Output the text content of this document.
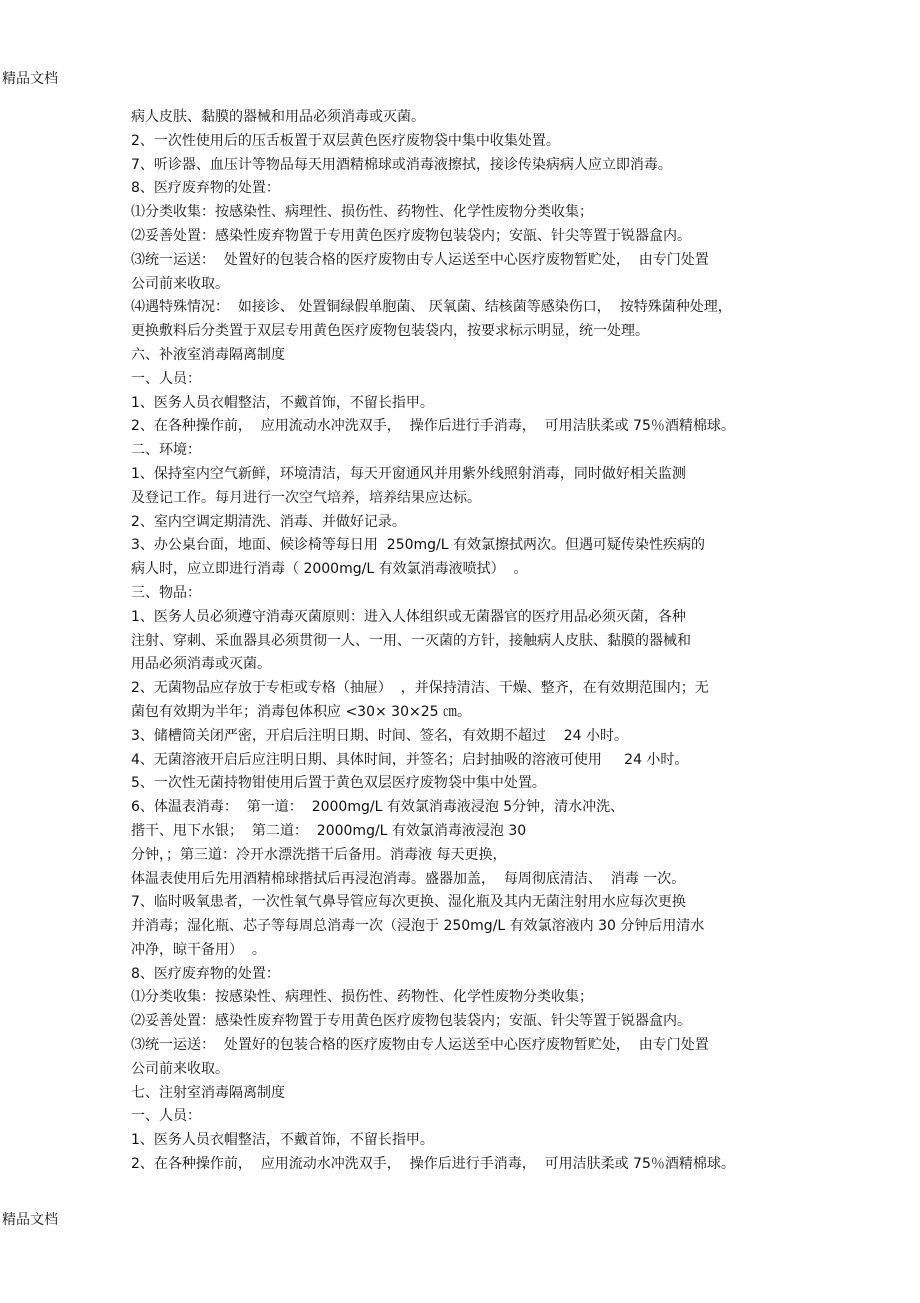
精品文档
病人皮肤、黏膜的器械和用品必须消毒或灭菌。
2、一次性使用后的压舌板置于双层黄色医疗废物袋中集中收集处置。
7、听诊器、血压计等物品每天用酒精棉球或消毒液擦拭，接诊传染病病人应立即消毒。
8、医疗废弃物的处置：
⑴分类收集：按感染性、病理性、损伤性、药物性、化学性废物分类收集；
⑵妥善处置：感染性废弃物置于专用黄色医疗废物包装袋内；安瓿、针尖等置于锐器盒内。
⑶统一运送：  处置好的包装合格的医疗废物由专人运送至中心医疗废物暂贮处，  由专门处置
公司前来收取。
⑷遇特殊情况：  如接诊、 处置铜绿假单胞菌、 厌氧菌、结核菌等感染伤口，  按特殊菌种处理，
更换敷料后分类置于双层专用黄色医疗废物包装袋内，按要求标示明显，统一处理。
六、补液室消毒隔离制度
一、人员：
1、医务人员衣帽整洁，不戴首饰，不留长指甲。
2、在各种操作前，  应用流动水冲洗双手，  操作后进行手消毒，  可用洁肤柔或 75％酒精棉球。
二、环境：
1、保持室内空气新鲜，环境清洁，每天开窗通风并用紫外线照射消毒，同时做好相关监测
及登记工作。每月进行一次空气培养，培养结果应达标。
2、室内空调定期清洗、消毒、并做好记录。
3、办公桌台面，地面、候诊椅等每日用  250mg/L 有效氯擦拭两次。但遇可疑传染性疾病的
病人时，应立即进行消毒（ 2000mg/L 有效氯消毒液喷拭）  。
三、物品：
1、医务人员必须遵守消毒灭菌原则：进入人体组织或无菌器官的医疗用品必须灭菌，各种
注射、穿刺、采血器具必须贯彻一人、一用、一灭菌的方针，接触病人皮肤、黏膜的器械和
用品必须消毒或灭菌。
2、无菌物品应存放于专柜或专格（抽屉）  ，并保持清洁、干燥、整齐，在有效期范围内；无
菌包有效期为半年；消毒包体积应 <30× 30×25 ㎝。
3、储槽筒关闭严密，开启后注明日期、时间、签名，有效期不超过    24 小时。
4、无菌溶液开启后应注明日期、具体时间，并签名；启封抽吸的溶液可使用     24 小时。
5、一次性无菌持物钳使用后置于黄色双层医疗废物袋中集中处置。
6、体温表消毒：  第一道：  2000mg/L 有效氯消毒液浸泡 5分钟，清水冲洗、
揩干、甩下水银；  第二道：  2000mg/L 有效氯消毒液浸泡 30
分钟，；第三道：冷开水漂洗揩干后备用。消毒液 每天更换，
体温表使用后先用酒精棉球揩拭后再浸泡消毒。盛器加盖，  每周彻底清洁、  消毒 一次。
7、临时吸氧患者，一次性氧气鼻导管应每次更换、湿化瓶及其内无菌注射用水应每次更换
并消毒；湿化瓶、芯子等每周总消毒一次（浸泡于 250mg/L 有效氯溶液内 30 分钟后用清水
冲净，晾干备用）  。
8、医疗废弃物的处置：
⑴分类收集：按感染性、病理性、损伤性、药物性、化学性废物分类收集；
⑵妥善处置：感染性废弃物置于专用黄色医疗废物包装袋内；安瓿、针尖等置于锐器盒内。
⑶统一运送：  处置好的包装合格的医疗废物由专人运送至中心医疗废物暂贮处，  由专门处置
公司前来收取。
七、注射室消毒隔离制度
一、人员：
1、医务人员衣帽整洁，不戴首饰，不留长指甲。
2、在各种操作前，  应用流动水冲洗双手，  操作后进行手消毒，  可用洁肤柔或 75％酒精棉球。
精品文档
